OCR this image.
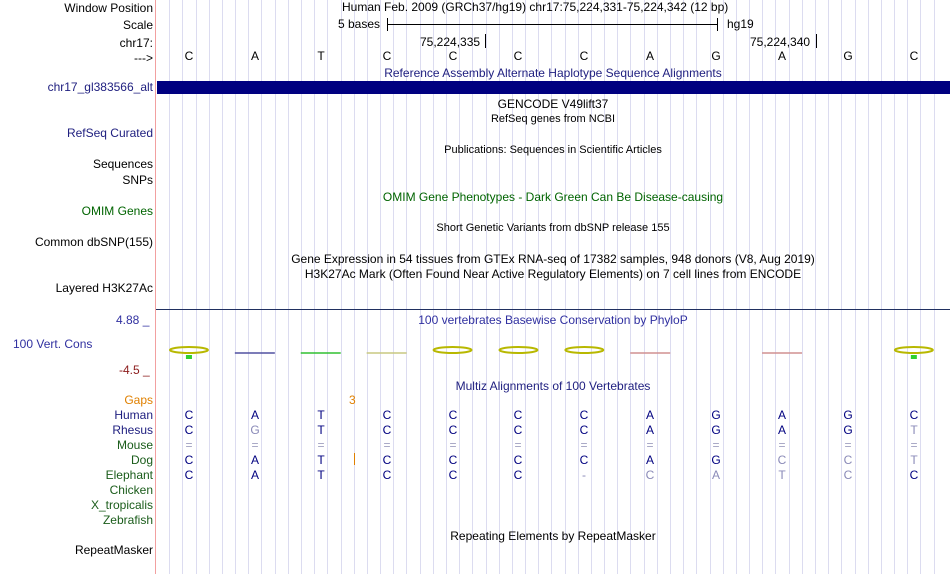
Window Position
Scale
chr17:
--->
Human Feb. 2009 (GRCh37/hg19) chr17:75,224,331-75,224,342 (12 bp)
5 bases	hg19
75,224,335	75,224,340
C	A	T	C	C	C	C	A	G	A	G	C
Reference Assembly Alternate Haplotype Sequence Alignments
chr17_gl383566_alt
GENCODE V49lift37
RefSeq genes from NCBI
RefSeq Curated
Publications: Sequences in Scientific Articles
Sequences
SNPs
OMIM Gene Phenotypes - Dark Green Can Be Disease-causing
OMIM Genes
Short Genetic Variants from dbSNP release 155
Common dbSNP(155)
Gene Expression in 54 tissues from GTEx RNA-seq of 17382 samples, 948 donors (V8, Aug 2019)
H3K27Ac Mark (Often Found Near Active Regulatory Elements) on 7 cell lines from ENCODE
Layered H3K27Ac
100 vertebrates Basewise Conservation by PhyloP
4.88 _
100 Vert. Cons
-4.5 _
Multiz Alignments of 100 Vertebrates
Gaps	3
Human	C	A	T	C	C	C	C	A	G	A	G	C
Rhesus	C	G	T	C	C	C	C	A	G	A	G	T
Mouse	=	=	=	=	=	=	=	=	=	=	=	=
Dog	C	A	T	C	C	C	C	A	G	C	C	T
Elephant	C	A	T	C	C	C	-	C	A	T	C	C
Chicken
X_tropicalis
Zebrafish
Repeating Elements by RepeatMasker
RepeatMasker
